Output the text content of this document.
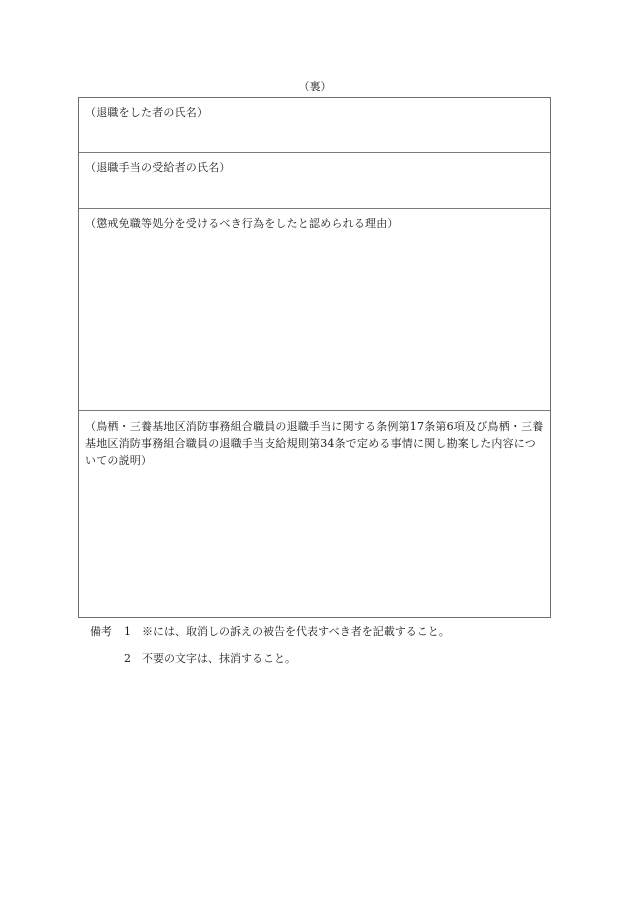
（裏）
（退職をした者の氏名）
（退職手当の受給者の氏名）
（懲戒免職等処分を受けるべき行為をしたと認められる理由）
（鳥栖・三養基地区消防事務組合職員の退職手当に関する条例第17条第6項及び鳥栖・三養基地区消防事務組合職員の退職手当支給規則第34条で定める事情に関し勘案した内容についての説明）
備考	1	※には、取消しの訴えの被告を代表すべき者を記載すること。
2	不要の文字は、抹消すること。
